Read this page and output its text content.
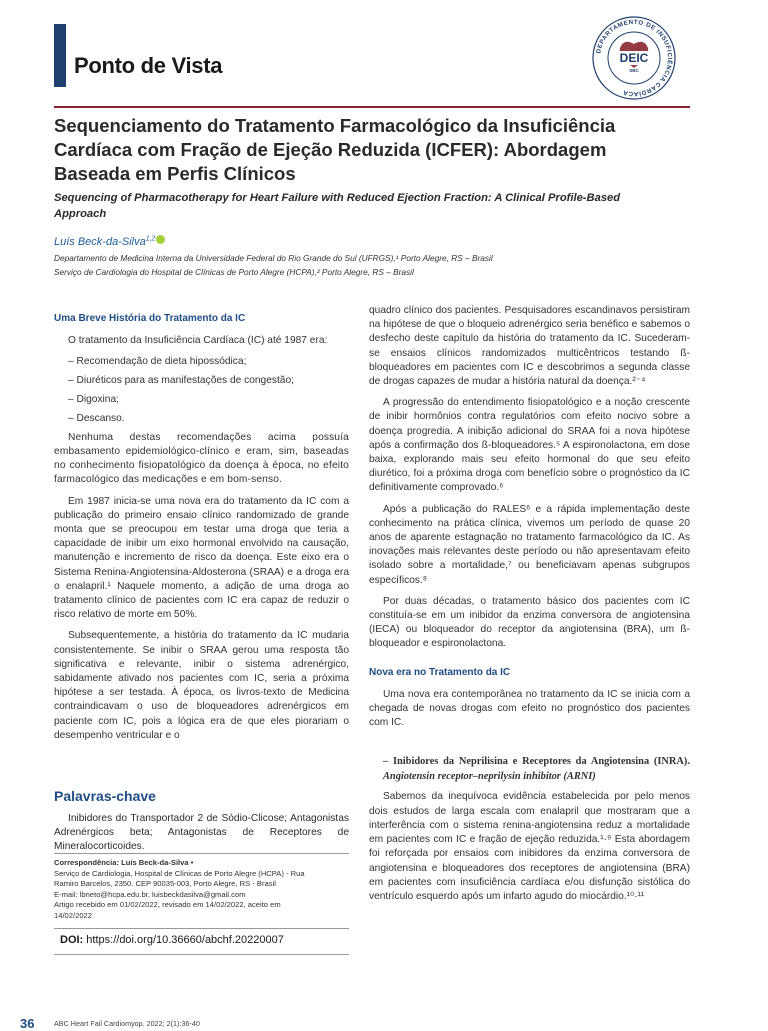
Ponto de Vista
DEPARTAMENTO DE INSUFICIÊNCIA CARDÍACA
DEIC
SBC
Sequenciamento do Tratamento Farmacológico da Insuficiência Cardíaca com Fração de Ejeção Reduzida (ICFER): Abordagem Baseada em Perfis Clínicos
Sequencing of Pharmacotherapy for Heart Failure with Reduced Ejection Fraction: A Clinical Profile-Based Approach
Luís Beck-da-Silva$^{1,2}$
Departamento de Medicina Interna da Universidade Federal do Rio Grande do Sul (UFRGS),¹ Porto Alegre, RS – Brasil
Serviço de Cardiologia do Hospital de Clínicas de Porto Alegre (HCPA),² Porto Alegre, RS – Brasil
Uma Breve História do Tratamento da IC

O tratamento da Insuficiência Cardíaca (IC) até 1987 era:

– Recomendação de dieta hipossódica;
– Diuréticos para as manifestações de congestão;
– Digoxina;
– Descanso.

Nenhuma destas recomendações acima possuía embasamento epidemiológico-clínico e eram, sim, baseadas no conhecimento fisiopatológico da doença à época, no efeito farmacológico das medicações e em bom-senso.

Em 1987 inicia-se uma nova era do tratamento da IC com a publicação do primeiro ensaio clínico randomizado de grande monta que se preocupou em testar uma droga que teria a capacidade de inibir um eixo hormonal envolvido na causação, manutenção e incremento de risco da doença. Este eixo era o Sistema Renina-Angiotensina-Aldosterona (SRAA) e a droga era o enalapril.¹ Naquele momento, a adição de uma droga ao tratamento clínico de pacientes com IC era capaz de reduzir o risco relativo de morte em 50%.

Subsequentemente, a história do tratamento da IC mudaria consistentemente. Se inibir o SRAA gerou uma resposta tão significativa e relevante, inibir o sistema adrenérgico, sabidamente ativado nos pacientes com IC, seria a próxima hipótese a ser testada. À época, os livros-texto de Medicina contraindicavam o uso de bloqueadores adrenérgicos em paciente com IC, pois a lógica era de que eles piorariam o desempenho ventricular e o

Palavras-chave

Inibidores do Transportador 2 de Sódio-Clicose; Antagonistas Adrenérgicos beta; Antagonistas de Receptores de Mineralocorticoides.

Correspondência: Luís Beck-da-Silva •
Serviço de Cardiologia, Hospital de Clínicas de Porto Alegre (HCPA) - Rua
Ramiro Barcelos, 2350. CEP 90035-003, Porto Alegre, RS - Brasil
E-mail: lbneto@hcpa.edu.br, luisbeckdasilva@gmail.com
Artigo recebido em 01/02/2022, revisado em 14/02/2022, aceito em
14/02/2022
DOI: https://doi.org/10.36660/abchf.20220007

quadro clínico dos pacientes. Pesquisadores escandinavos persistiram na hipótese de que o bloqueio adrenérgico seria benéfico e sabemos o desfecho deste capítulo da história do tratamento da IC. Sucederam-se ensaios clínicos randomizados multicêntricos testando ß-bloqueadores em pacientes com IC e descobrimos a segunda classe de drogas capazes de mudar a história natural da doença.²⁻⁴

A progressão do entendimento fisiopatológico e a noção crescente de inibir hormônios contra regulatórios com efeito nocivo sobre a doença progredia. A inibição adicional do SRAA foi a nova hipótese após a confirmação dos ß-bloqueadores.⁵ A espironolactona, em dose baixa, explorando mais seu efeito hormonal do que seu efeito diurético, foi a próxima droga com benefício sobre o prognóstico da IC definitivamente comprovado.⁶

Após a publicação do RALES⁶ e a rápida implementação deste conhecimento na prática clínica, vivemos um período de quase 20 anos de aparente estagnação no tratamento farmacológico da IC. As inovações mais relevantes deste período ou não apresentavam efeito isolado sobre a mortalidade,⁷ ou beneficiavam apenas subgrupos específicos.⁸

Por duas décadas, o tratamento básico dos pacientes com IC constituía-se em um inibidor da enzima conversora de angiotensina (IECA) ou bloqueador do receptor da angiotensina (BRA), um ß-bloqueador e espironolactona.

Nova era no Tratamento da IC

Uma nova era contemporânea no tratamento da IC se inicia com a chegada de novas drogas com efeito no prognóstico dos pacientes com IC.

– Inibidores da Neprilisina e Receptores da Angiotensina (INRA). Angiotensin receptor–neprilysin inhibitor (ARNI)

Sabemos da inequívoca evidência estabelecida por pelo menos dois estudos de larga escala com enalapril que mostraram que a interferência com o sistema renina-angiotensina reduz a mortalidade em pacientes com IC e fração de ejeção reduzida.¹·⁹ Esta abordagem foi reforçada por ensaios com inibidores da enzima conversora de angiotensina e bloqueadores dos receptores de angiotensina (BRA) em pacientes com insuficiência cardíaca e/ou disfunção sistólica do ventrículo esquerdo após um infarto agudo do miocárdio.¹⁰·¹¹

36	ABC Heart Fail Cardiomyop. 2022; 2(1):36-40
